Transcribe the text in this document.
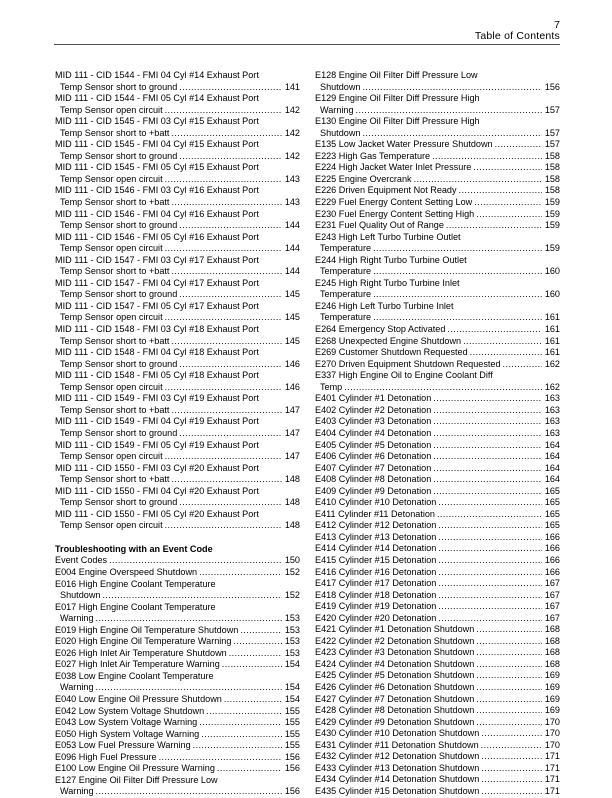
7
Table of Contents
MID 111 - CID 1544 - FMI 04 Cyl #14 Exhaust Port
Temp Sensor short to ground .....	141
MID 111 - CID 1544 - FMI 05 Cyl #14 Exhaust Port
Temp Sensor open circuit .....	142
MID 111 - CID 1545 - FMI 03 Cyl #15 Exhaust Port
Temp Sensor short to +batt .....	142
MID 111 - CID 1545 - FMI 04 Cyl #15 Exhaust Port
Temp Sensor short to ground .....	142
MID 111 - CID 1545 - FMI 05 Cyl #15 Exhaust Port
Temp Sensor open circuit .....	143
MID 111 - CID 1546 - FMI 03 Cyl #16 Exhaust Port
Temp Sensor short to +batt .....	143
MID 111 - CID 1546 - FMI 04 Cyl #16 Exhaust Port
Temp Sensor short to ground .....	144
MID 111 - CID 1546 - FMI 05 Cyl #16 Exhaust Port
Temp Sensor open circuit .....	144
MID 111 - CID 1547 - FMI 03 Cyl #17 Exhaust Port
Temp Sensor short to +batt .....	144
MID 111 - CID 1547 - FMI 04 Cyl #17 Exhaust Port
Temp Sensor short to ground .....	145
MID 111 - CID 1547 - FMI 05 Cyl #17 Exhaust Port
Temp Sensor open circuit .....	145
MID 111 - CID 1548 - FMI 03 Cyl #18 Exhaust Port
Temp Sensor short to +batt .....	145
MID 111 - CID 1548 - FMI 04 Cyl #18 Exhaust Port
Temp Sensor short to ground .....	146
MID 111 - CID 1548 - FMI 05 Cyl #18 Exhaust Port
Temp Sensor open circuit .....	146
MID 111 - CID 1549 - FMI 03 Cyl #19 Exhaust Port
Temp Sensor short to +batt .....	147
MID 111 - CID 1549 - FMI 04 Cyl #19 Exhaust Port
Temp Sensor short to ground .....	147
MID 111 - CID 1549 - FMI 05 Cyl #19 Exhaust Port
Temp Sensor open circuit .....	147
MID 111 - CID 1550 - FMI 03 Cyl #20 Exhaust Port
Temp Sensor short to +batt .....	148
MID 111 - CID 1550 - FMI 04 Cyl #20 Exhaust Port
Temp Sensor short to ground .....	148
MID 111 - CID 1550 - FMI 05 Cyl #20 Exhaust Port
Temp Sensor open circuit .....	148
Troubleshooting with an Event Code
Event Codes .....	150
E004 Engine Overspeed Shutdown .....	152
E016 High Engine Coolant Temperature
Shutdown .....	152
E017 High Engine Coolant Temperature
Warning .....	153
E019 High Engine Oil Temperature Shutdown .....	153
E020 High Engine Oil Temperature Warning .....	153
E026 High Inlet Air Temperature Shutdown .....	153
E027 High Inlet Air Temperature Warning .....	154
E038 Low Engine Coolant Temperature
Warning .....	154
E040 Low Engine Oil Pressure Shutdown .....	154
E042 Low System Voltage Shutdown .....	155
E043 Low System Voltage Warning .....	155
E050 High System Voltage Warning .....	155
E053 Low Fuel Pressure Warning .....	155
E096 High Fuel Pressure .....	156
E100 Low Engine Oil Pressure Warning .....	156
E127 Engine Oil Filter Diff Pressure Low
Warning .....	156
E128 Engine Oil Filter Diff Pressure Low
Shutdown .....	156
E129 Engine Oil Filter Diff Pressure High
Warning .....	157
E130 Engine Oil Filter Diff Pressure High
Shutdown .....	157
E135 Low Jacket Water Pressure Shutdown .....	157
E223 High Gas Temperature .....	158
E224 High Jacket Water Inlet Pressure .....	158
E225 Engine Overcrank .....	158
E226 Driven Equipment Not Ready .....	158
E229 Fuel Energy Content Setting Low .....	159
E230 Fuel Energy Content Setting High .....	159
E231 Fuel Quality Out of Range .....	159
E243 High Left Turbo Turbine Outlet
Temperature .....	159
E244 High Right Turbo Turbine Outlet
Temperature .....	160
E245 High Right Turbo Turbine Inlet
Temperature .....	160
E246 High Left Turbo Turbine Inlet
Temperature .....	161
E264 Emergency Stop Activated .....	161
E268 Unexpected Engine Shutdown .....	161
E269 Customer Shutdown Requested .....	161
E270 Driven Equipment Shutdown Requested .....	162
E337 High Engine Oil to Engine Coolant Diff
Temp .....	162
E401 Cylinder #1 Detonation .....	163
E402 Cylinder #2 Detonation .....	163
E403 Cylinder #3 Detonation .....	163
E404 Cylinder #4 Detonation .....	163
E405 Cylinder #5 Detonation .....	164
E406 Cylinder #6 Detonation .....	164
E407 Cylinder #7 Detonation .....	164
E408 Cylinder #8 Detonation .....	164
E409 Cylinder #9 Detonation .....	165
E410 Cylinder #10 Detonation .....	165
E411 Cylinder #11 Detonation .....	165
E412 Cylinder #12 Detonation .....	165
E413 Cylinder #13 Detonation .....	166
E414 Cylinder #14 Detonation .....	166
E415 Cylinder #15 Detonation .....	166
E416 Cylinder #16 Detonation .....	166
E417 Cylinder #17 Detonation .....	167
E418 Cylinder #18 Detonation .....	167
E419 Cylinder #19 Detonation .....	167
E420 Cylinder #20 Detonation .....	167
E421 Cylinder #1 Detonation Shutdown .....	168
E422 Cylinder #2 Detonation Shutdown .....	168
E423 Cylinder #3 Detonation Shutdown .....	168
E424 Cylinder #4 Detonation Shutdown .....	168
E425 Cylinder #5 Detonation Shutdown .....	169
E426 Cylinder #6 Detonation Shutdown .....	169
E427 Cylinder #7 Detonation Shutdown .....	169
E428 Cylinder #8 Detonation Shutdown .....	169
E429 Cylinder #9 Detonation Shutdown .....	170
E430 Cylinder #10 Detonation Shutdown .....	170
E431 Cylinder #11 Detonation Shutdown .....	170
E432 Cylinder #12 Detonation Shutdown .....	171
E433 Cylinder #13 Detonation Shutdown .....	171
E434 Cylinder #14 Detonation Shutdown .....	171
E435 Cylinder #15 Detonation Shutdown .....	171
